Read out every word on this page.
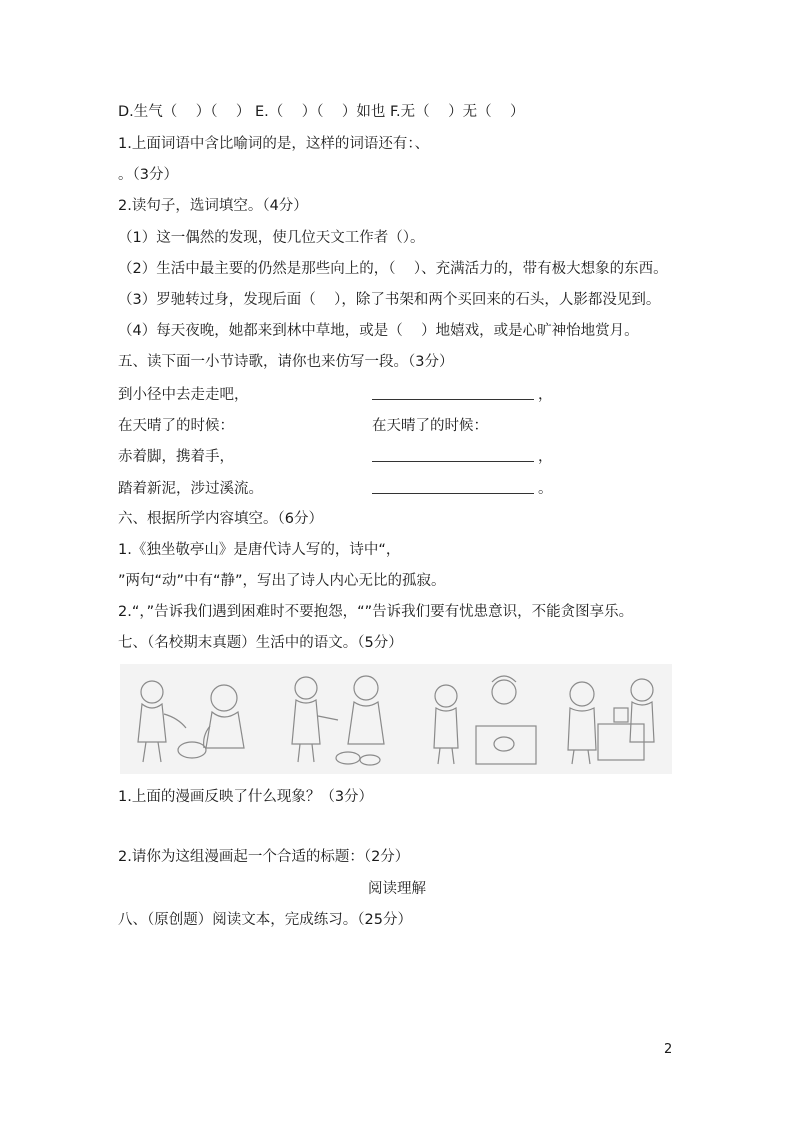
D.生气（    ）（    ） E.（    ）（    ）如也 F.无（    ）无（    ）
1.上面词语中含比喻词的是，这样的词语还有：、
。（3分）
2.读句子，选词填空。（4分）
（1）这一偶然的发现，使几位天文工作者（）。
（2）生活中最主要的仍然是那些向上的，（    ）、充满活力的，带有极大想象的东西。
（3）罗驰转过身，发现后面（    ），除了书架和两个买回来的石头，人影都没见到。
（4）每天夜晚，她都来到林中草地，或是（    ）地嬉戏，或是心旷神怡地赏月。
五、读下面一小节诗歌，请你也来仿写一段。（3分）
到小径中去走走吧，	，
在天晴了的时候：	在天晴了的时候：
赤着脚，携着手，	，
踏着新泥，涉过溪流。	。
六、根据所学内容填空。（6分）
1.《独坐敬亭山》是唐代诗人写的，诗中“，
”两句“动”中有“静”，写出了诗人内心无比的孤寂。
2.“，”告诉我们遇到困难时不要抱怨，“”告诉我们要有忧患意识，不能贪图享乐。
七、（名校期末真题）生活中的语文。（5分）
1.上面的漫画反映了什么现象？（3分）
2.请你为这组漫画起一个合适的标题：（2分）
阅读理解
八、（原创题）阅读文本，完成练习。（25分）
2
